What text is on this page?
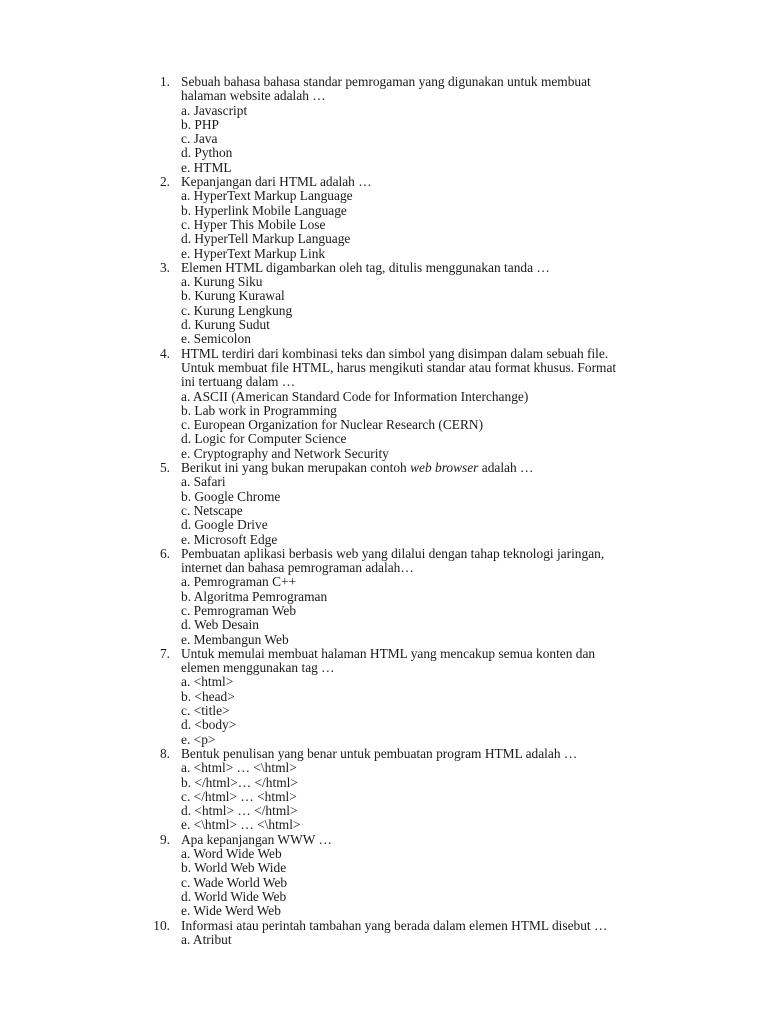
1. Sebuah bahasa bahasa standar pemrogaman yang digunakan untuk membuat
halaman website adalah …
a. Javascript
b. PHP
c. Java
d. Python
e. HTML
2. Kepanjangan dari HTML adalah …
a. HyperText Markup Language
b. Hyperlink Mobile Language
c. Hyper This Mobile Lose
d. HyperTell Markup Language
e. HyperText Markup Link
3. Elemen HTML digambarkan oleh tag, ditulis menggunakan tanda …
a. Kurung Siku
b. Kurung Kurawal
c. Kurung Lengkung
d. Kurung Sudut
e. Semicolon
4. HTML terdiri dari kombinasi teks dan simbol yang disimpan dalam sebuah file.
Untuk membuat file HTML, harus mengikuti standar atau format khusus. Format
ini tertuang dalam …
a. ASCII (American Standard Code for Information Interchange)
b. Lab work in Programming
c. European Organization for Nuclear Research (CERN)
d. Logic for Computer Science
e. Cryptography and Network Security
5. Berikut ini yang bukan merupakan contoh web browser adalah …
a. Safari
b. Google Chrome
c. Netscape
d. Google Drive
e. Microsoft Edge
6. Pembuatan aplikasi berbasis web yang dilalui dengan tahap teknologi jaringan,
internet dan bahasa pemrograman adalah…
a. Pemrograman C++
b. Algoritma Pemrograman
c. Pemrograman Web
d. Web Desain
e. Membangun Web
7. Untuk memulai membuat halaman HTML yang mencakup semua konten dan
elemen menggunakan tag …
a. <html>
b. <head>
c. <title>
d. <body>
e. <p>
8. Bentuk penulisan yang benar untuk pembuatan program HTML adalah …
a. <html> … <\html>
b. </html>… </html>
c. </html> … <html>
d. <html> … </html>
e. <\html> … <\html>
9. Apa kepanjangan WWW …
a. Word Wide Web
b. World Web Wide
c. Wade World Web
d. World Wide Web
e. Wide Werd Web
10. Informasi atau perintah tambahan yang berada dalam elemen HTML disebut …
a. Atribut
